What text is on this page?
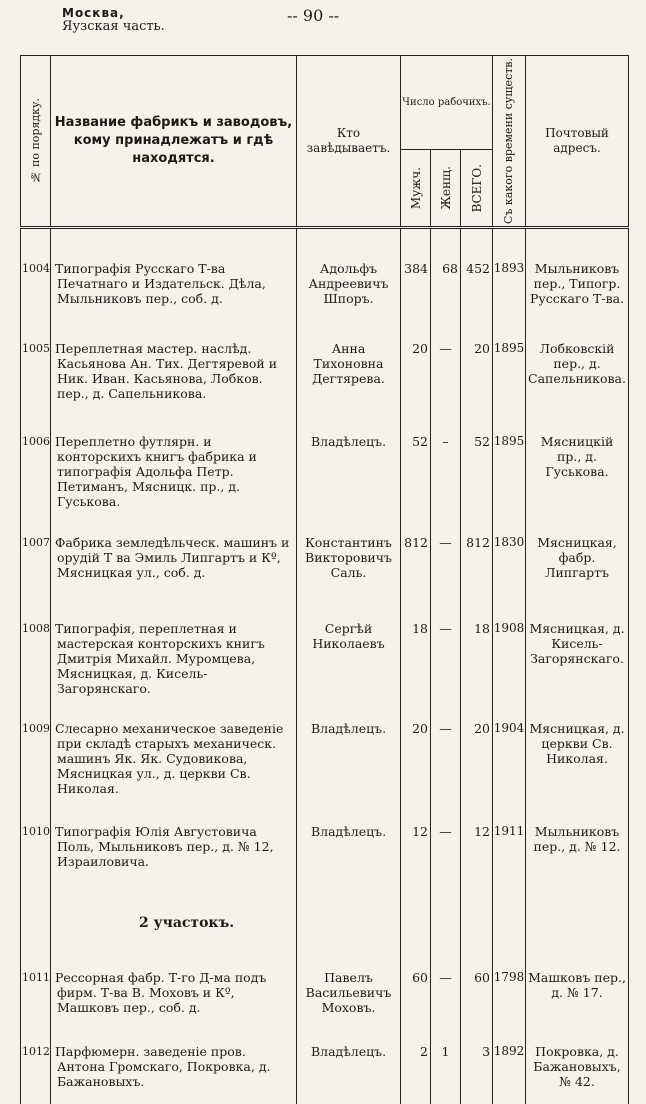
Москва,
Яузская часть.
-- 90 --
№ по порядку.	Название фабрикъ и заводовъ, кому принадлежатъ и гдѣ находятся.	Кто завѣдываетъ.	Число рабочихъ.			Съ какого времени существ.	Почтовый адресъ.

			Мужч.	Женщ.	ВСЕГО.		

1004	Типографія Русскаго Т-ва Печатнаго и Издательск. Дѣла, Мыльниковъ пер., соб. д.	Адольфъ Андреевичъ Шпоръ.	384	68	452	1893	Мыльниковъ пер., Типогр. Русскаго Т-ва.
1005	Переплетная мастер. наслѣд. Касьянова Ан. Тих. Дегтяревой и Ник. Иван. Касьянова, Лобков. пер., д. Сапельникова.	Анна Тихоновна Дегтярева.	20	—	20	1895	Лобковскій пер., д. Сапельникова.
1006	Переплетно футлярн. и конторскихъ книгъ фабрика и типографія Адольфа Петр. Петиманъ, Мясницк. пр., д. Гуськова.	Владѣлецъ.	52	–	52	1895	Мясницкій пр., д. Гуськова.
1007	Фабрика земледѣльческ. машинъ и орудій Т ва Эмиль Липгартъ и Кº, Мясницкая ул., соб. д.	Константинъ Викторовичъ Саль.	812	—	812	1830	Мясницкая, фабр. Липгартъ
1008	Типографія, переплетная и мастерская конторскихъ книгъ Дмитрія Михайл. Муромцева, Мясницкая, д. Кисель-Загорянскаго.	Сергѣй Николаевъ	18	—	18	1908	Мясницкая, д. Кисель-Загорянскаго.
1009	Слесарно механическое заведеніе при складѣ старыхъ механическ. машинъ Як. Як. Судовикова, Мясницкая ул., д. церкви Св. Николая.	Владѣлецъ.	20	—	20	1904	Мясницкая, д. церкви Св. Николая.
1010	Типографія Юлія Августовича Поль, Мыльниковъ пер., д. № 12, Израиловича.	Владѣлецъ.	12	—	12	1911	Мыльниковъ пер., д. № 12.
	2 участокъ.						
1011	Рессорная фабр. Т-го Д-ма подъ фирм. Т-ва В. Моховъ и Кº, Машковъ пер., соб. д.	Павелъ Васильевичъ Моховъ.	60	—	60	1798	Машковъ пер., д. № 17.
1012	Парфюмерн. заведеніе пров. Антона Громскаго, Покровка, д. Бажановыхъ.	Владѣлецъ.	2	1	3	1892	Покровка, д. Бажановыхъ, № 42.
